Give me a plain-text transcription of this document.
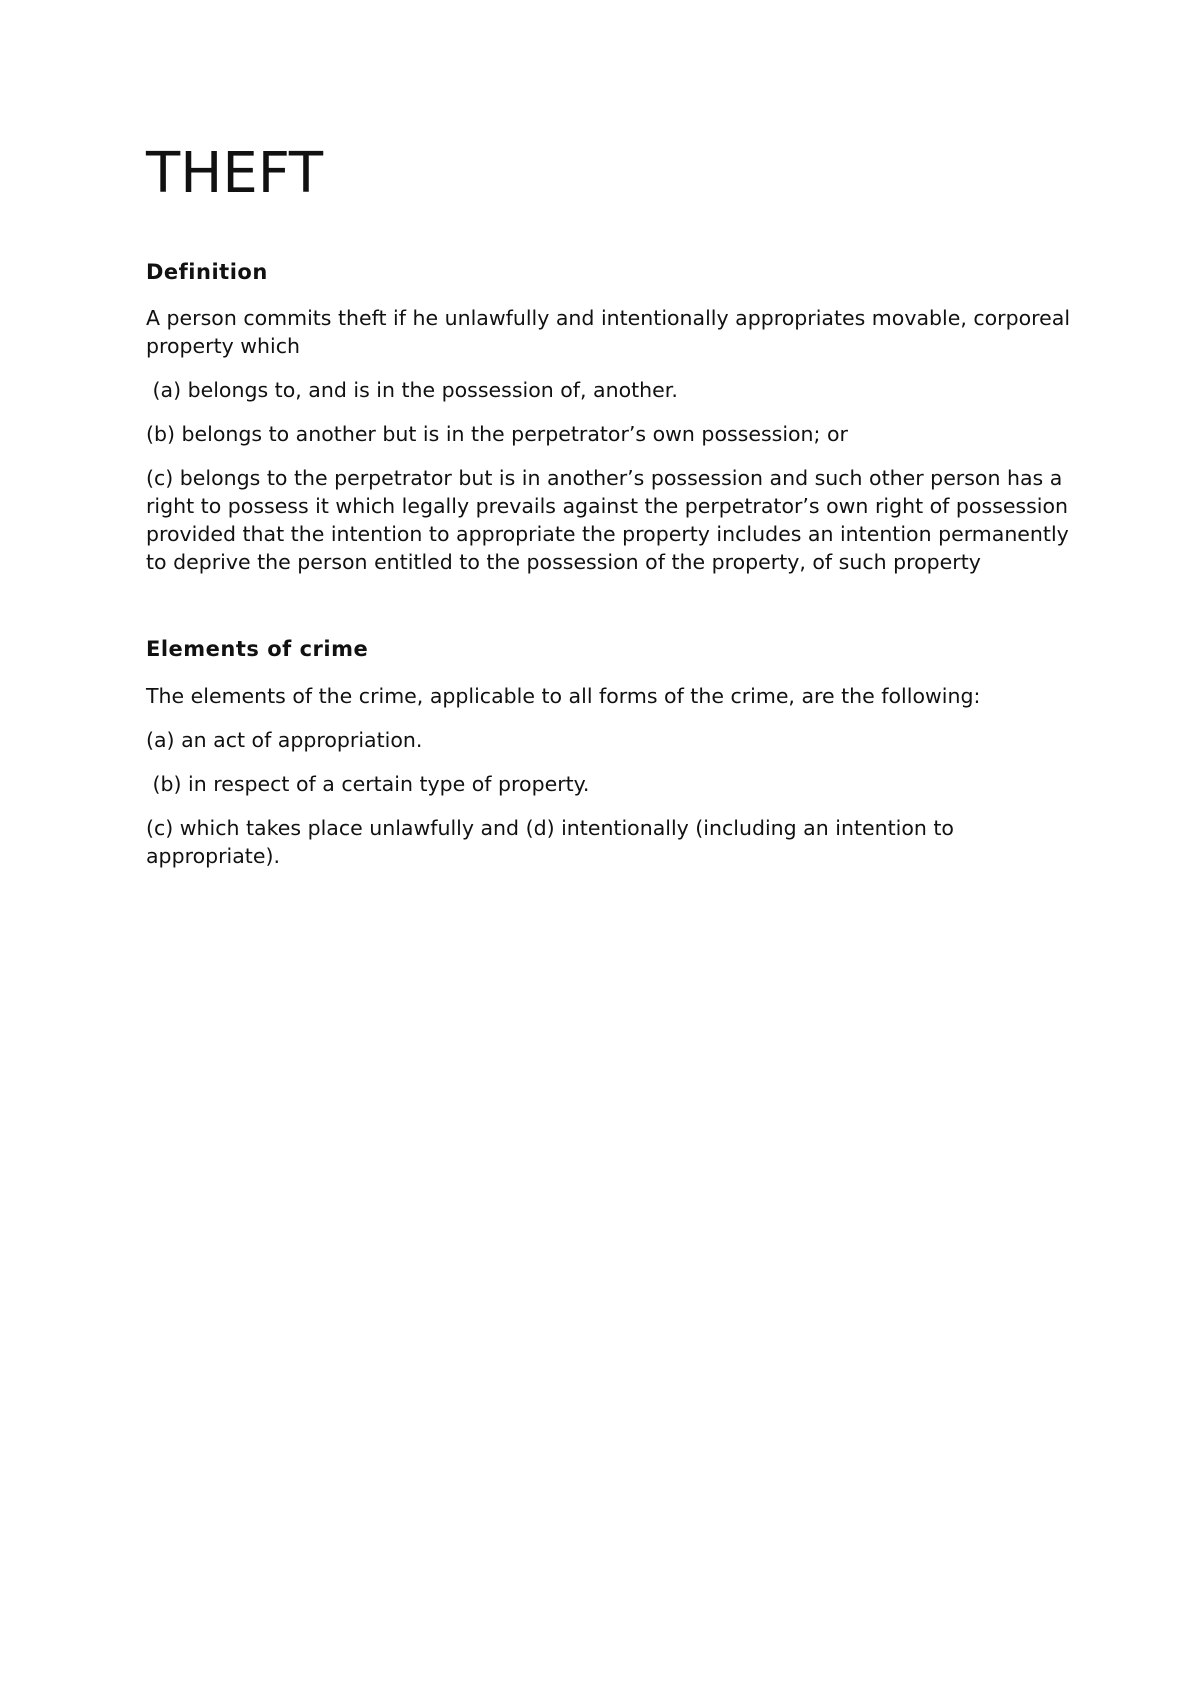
THEFT
Definition

A person commits theft if he unlawfully and intentionally appropriates movable, corporeal property which

(a) belongs to, and is in the possession of, another.

(b) belongs to another but is in the perpetrator’s own possession; or

(c) belongs to the perpetrator but is in another’s possession and such other person has a right to possess it which legally prevails against the perpetrator’s own right of possession provided that the intention to appropriate the property includes an intention permanently to deprive the person entitled to the possession of the property, of such property

Elements of crime

The elements of the crime, applicable to all forms of the crime, are the following:

(a) an act of appropriation.

(b) in respect of a certain type of property.

(c) which takes place unlawfully and (d) intentionally (including an intention to appropriate).
